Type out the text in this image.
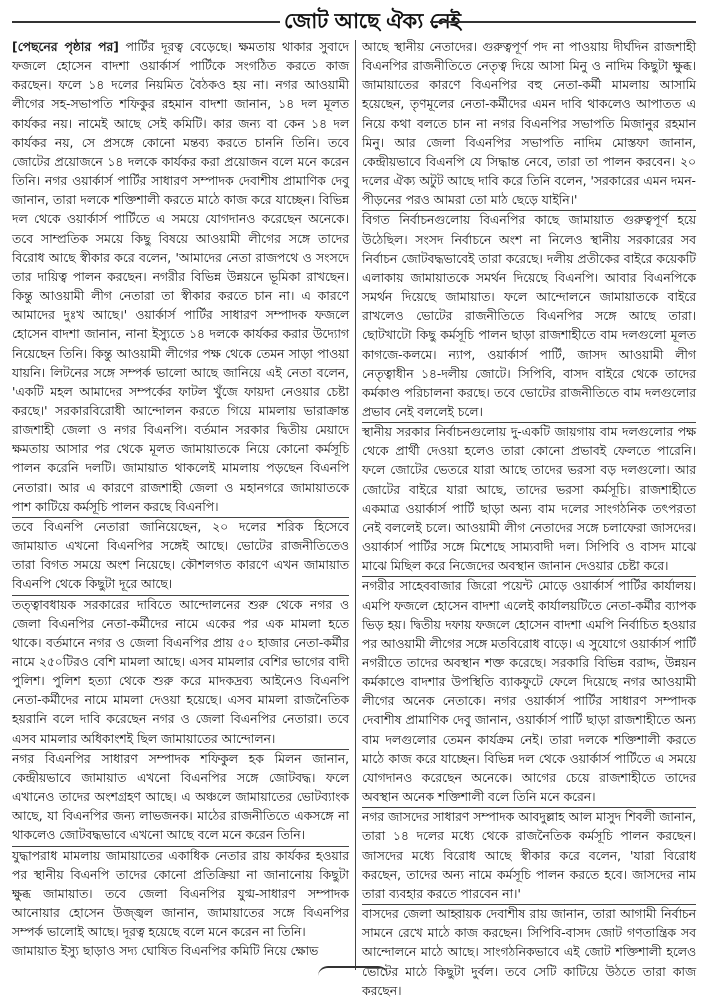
জোট আছে ঐক্য নেই

[পেছনের পৃষ্ঠার পর] পার্টির দূরত্ব বেড়েছে। ক্ষমতায় থাকার সুবাদে ফজলে হোসেন বাদশা ওয়ার্কার্স পার্টিকে সংগঠিত করতে কাজ করছেন। ফলে ১৪ দলের নিয়মিত বৈঠকও হয় না। নগর আওয়ামী লীগের সহ-সভাপতি শফিকুর রহমান বাদশা জানান, ১৪ দল মূলত কার্যকর নয়। নামেই আছে সেই কমিটি। কার জন্য বা কেন ১৪ দল কার্যকর নয়, সে প্রসঙ্গে কোনো মন্তব্য করতে চাননি তিনি। তবে জোটের প্রয়োজনে ১৪ দলকে কার্যকর করা প্রয়োজন বলে মনে করেন তিনি। নগর ওয়ার্কার্স পার্টির সাধারণ সম্পাদক দেবাশীষ প্রামাণিক দেবু জানান, তারা দলকে শক্তিশালী করতে মাঠে কাজ করে যাচ্ছেন। বিভিন্ন দল থেকে ওয়ার্কার্স পার্টিতে এ সময়ে যোগদানও করেছেন অনেকে। তবে সাম্প্রতিক সময়ে কিছু বিষয়ে আওয়ামী লীগের সঙ্গে তাদের বিরোধ আছে স্বীকার করে বলেন, 'আমাদের নেতা রাজপথে ও সংসদে তার দায়িত্ব পালন করছেন। নগরীর বিভিন্ন উন্নয়নে ভূমিকা রাখছেন। কিন্তু আওয়ামী লীগ নেতারা তা স্বীকার করতে চান না। এ কারণে আমাদের দুঃখ আছে।' ওয়ার্কার্স পার্টির সাধারণ সম্পাদক ফজলে হোসেন বাদশা জানান, নানা ইস্যুতে ১৪ দলকে কার্যকর করার উদ্যোগ নিয়েছেন তিনি। কিন্তু আওয়ামী লীগের পক্ষ থেকে তেমন সাড়া পাওয়া যায়নি। লিটনের সঙ্গে সম্পর্ক ভালো আছে জানিয়ে এই নেতা বলেন, 'একটি মহল আমাদের সম্পর্কের ফাটল খুঁজে ফায়দা নেওয়ার চেষ্টা করছে।' সরকারবিরোধী আন্দোলন করতে গিয়ে মামলায় ভারাক্রান্ত রাজশাহী জেলা ও নগর বিএনপি। বর্তমান সরকার দ্বিতীয় মেয়াদে ক্ষমতায় আসার পর থেকে মূলত জামায়াতকে নিয়ে কোনো কর্মসূচি পালন করেনি দলটি। জামায়াত থাকলেই মামলায় পড়ছেন বিএনপি নেতারা। আর এ কারণে রাজশাহী জেলা ও মহানগরে জামায়াতকে পাশ কাটিয়ে কর্মসূচি পালন করছে বিএনপি।

তবে বিএনপি নেতারা জানিয়েছেন, ২০ দলের শরিক হিসেবে জামায়াত এখনো বিএনপির সঙ্গেই আছে। ভোটের রাজনীতিতেও তারা বিগত সময়ে অংশ নিয়েছে। কৌশলগত কারণে এখন জামায়াত বিএনপি থেকে কিছুটা দূরে আছে।

তত্ত্বাবধায়ক সরকারের দাবিতে আন্দোলনের শুরু থেকে নগর ও জেলা বিএনপির নেতা-কর্মীদের নামে একের পর এক মামলা হতে থাকে। বর্তমানে নগর ও জেলা বিএনপির প্রায় ৫০ হাজার নেতা-কর্মীর নামে ২৫০টিরও বেশি মামলা আছে। এসব মামলার বেশির ভাগের বাদী পুলিশ। পুলিশ হত্যা থেকে শুরু করে মাদকদ্রব্য আইনেও বিএনপি নেতা-কর্মীদের নামে মামলা দেওয়া হয়েছে। এসব মামলা রাজনৈতিক হয়রানি বলে দাবি করেছেন নগর ও জেলা বিএনপির নেতারা। তবে এসব মামলার অধিকাংশই ছিল জামায়াতের আন্দোলন।

নগর বিএনপির সাধারণ সম্পাদক শফিকুল হক মিলন জানান, কেন্দ্রীয়ভাবে জামায়াত এখনো বিএনপির সঙ্গে জোটবদ্ধ। ফলে এখানেও তাদের অংশগ্রহণ আছে। এ অঞ্চলে জামায়াতের ভোটব্যাংক আছে, যা বিএনপির জন্য লাভজনক। মাঠের রাজনীতিতে একসঙ্গে না থাকলেও জোটবদ্ধভাবে এখনো আছে বলে মনে করেন তিনি।

যুদ্ধাপরাধ মামলায় জামায়াতের একাধিক নেতার রায় কার্যকর হওয়ার পর স্থানীয় বিএনপি তাদের কোনো প্রতিক্রিয়া না জানানোয় কিছুটা ক্ষুব্ধ জামায়াত। তবে জেলা বিএনপির যুগ্ম-সাধারণ সম্পাদক আনোয়ার হোসেন উজ্জ্বল জানান, জামায়াতের সঙ্গে বিএনপির সম্পর্ক ভালোই আছে। দূরত্ব হয়েছে বলে মনে করেন না তিনি।

জামায়াত ইস্যু ছাড়াও সদ্য ঘোষিত বিএনপির কমিটি নিয়ে ক্ষোভ

আছে স্থানীয় নেতাদের। গুরুত্বপূর্ণ পদ না পাওয়ায় দীর্ঘদিন রাজশাহী বিএনপির রাজনীতিতে নেতৃত্ব দিয়ে আসা মিনু ও নাদিম কিছুটা ক্ষুব্ধ। জামায়াতের কারণে বিএনপির বহু নেতা-কর্মী মামলায় আসামি হয়েছেন, তৃণমূলের নেতা-কর্মীদের এমন দাবি থাকলেও আপাতত এ নিয়ে কথা বলতে চান না নগর বিএনপির সভাপতি মিজানুর রহমান মিনু। আর জেলা বিএনপির সভাপতি নাদিম মোস্তফা জানান, কেন্দ্রীয়ভাবে বিএনপি যে সিদ্ধান্ত নেবে, তারা তা পালন করবেন। ২০ দলের ঐক্য অটুট আছে দাবি করে তিনি বলেন, 'সরকারের এমন দমন-পীড়নের পরও আমরা তো মাঠ ছেড়ে যাইনি।'

বিগত নির্বাচনগুলোয় বিএনপির কাছে জামায়াত গুরুত্বপূর্ণ হয়ে উঠেছিল। সংসদ নির্বাচনে অংশ না নিলেও স্থানীয় সরকারের সব নির্বাচন জোটবদ্ধভাবেই তারা করেছে। দলীয় প্রতীকের বাইরে কয়েকটি এলাকায় জামায়াতকে সমর্থন দিয়েছে বিএনপি। আবার বিএনপিকে সমর্থন দিয়েছে জামায়াত। ফলে আন্দোলনে জামায়াতকে বাইরে রাখলেও ভোটের রাজনীতিতে বিএনপির সঙ্গে আছে তারা। ছোটখাটো কিছু কর্মসূচি পালন ছাড়া রাজশাহীতে বাম দলগুলো মূলত কাগজে-কলমে। ন্যাপ, ওয়ার্কার্স পার্টি, জাসদ আওয়ামী লীগ নেতৃত্বাধীন ১৪-দলীয় জোটে। সিপিবি, বাসদ বাইরে থেকে তাদের কর্মকাণ্ড পরিচালনা করছে। তবে ভোটের রাজনীতিতে বাম দলগুলোর প্রভাব নেই বললেই চলে।

স্থানীয় সরকার নির্বাচনগুলোয় দু-একটি জায়গায় বাম দলগুলোর পক্ষ থেকে প্রার্থী দেওয়া হলেও তারা কোনো প্রভাবই ফেলতে পারেনি। ফলে জোটের ভেতরে যারা আছে তাদের ভরসা বড় দলগুলো। আর জোটের বাইরে যারা আছে, তাদের ভরসা কর্মসূচি। রাজশাহীতে একমাত্র ওয়ার্কার্স পার্টি ছাড়া অন্য বাম দলের সাংগঠনিক তৎপরতা নেই বললেই চলে। আওয়ামী লীগ নেতাদের সঙ্গে চলাফেরা জাসদের। ওয়ার্কার্স পার্টির সঙ্গে মিশেছে সাম্যবাদী দল। সিপিবি ও বাসদ মাঝে মাঝে মিছিল করে নিজেদের অবস্থান জানান দেওয়ার চেষ্টা করে।

নগরীর সাহেববাজার জিরো পয়েন্ট মোড়ে ওয়ার্কার্স পার্টির কার্যালয়। এমপি ফজলে হোসেন বাদশা এলেই কার্যালয়টিতে নেতা-কর্মীর ব্যাপক ভিড় হয়। দ্বিতীয় দফায় ফজলে হোসেন বাদশা এমপি নির্বাচিত হওয়ার পর আওয়ামী লীগের সঙ্গে মতবিরোধ বাড়ে। এ সুযোগে ওয়ার্কার্স পার্টি নগরীতে তাদের অবস্থান শক্ত করেছে। সরকারি বিভিন্ন বরাদ্দ, উন্নয়ন কর্মকাণ্ডে বাদশার উপস্থিতি ব্যাকফুটে ফেলে দিয়েছে নগর আওয়ামী লীগের অনেক নেতাকে। নগর ওয়ার্কার্স পার্টির সাধারণ সম্পাদক দেবাশীষ প্রামাণিক দেবু জানান, ওয়ার্কার্স পার্টি ছাড়া রাজশাহীতে অন্য বাম দলগুলোর তেমন কার্যক্রম নেই। তারা দলকে শক্তিশালী করতে মাঠে কাজ করে যাচ্ছেন। বিভিন্ন দল থেকে ওয়ার্কার্স পার্টিতে এ সময়ে যোগদানও করেছেন অনেকে। আগের চেয়ে রাজশাহীতে তাদের অবস্থান অনেক শক্তিশালী বলে তিনি মনে করেন।

নগর জাসদের সাধারণ সম্পাদক আবদুল্লাহ আল মাসুদ শিবলী জানান, তারা ১৪ দলের মধ্যে থেকে রাজনৈতিক কর্মসূচি পালন করছেন। জাসদের মধ্যে বিরোধ আছে স্বীকার করে বলেন, 'যারা বিরোধ করছেন, তাদের অন্য নামে কর্মসূচি পালন করতে হবে। জাসদের নাম তারা ব্যবহার করতে পারবেন না।'

বাসদের জেলা আহ্বায়ক দেবাশীষ রায় জানান, তারা আগামী নির্বাচন সামনে রেখে মাঠে কাজ করছেন। সিপিবি-বাসদ জোট গণতান্ত্রিক সব আন্দোলনে মাঠে আছে। সাংগঠনিকভাবে এই জোট শক্তিশালী হলেও ভোটের মাঠে কিছুটা দুর্বল। তবে সেটি কাটিয়ে উঠতে তারা কাজ করছেন।
